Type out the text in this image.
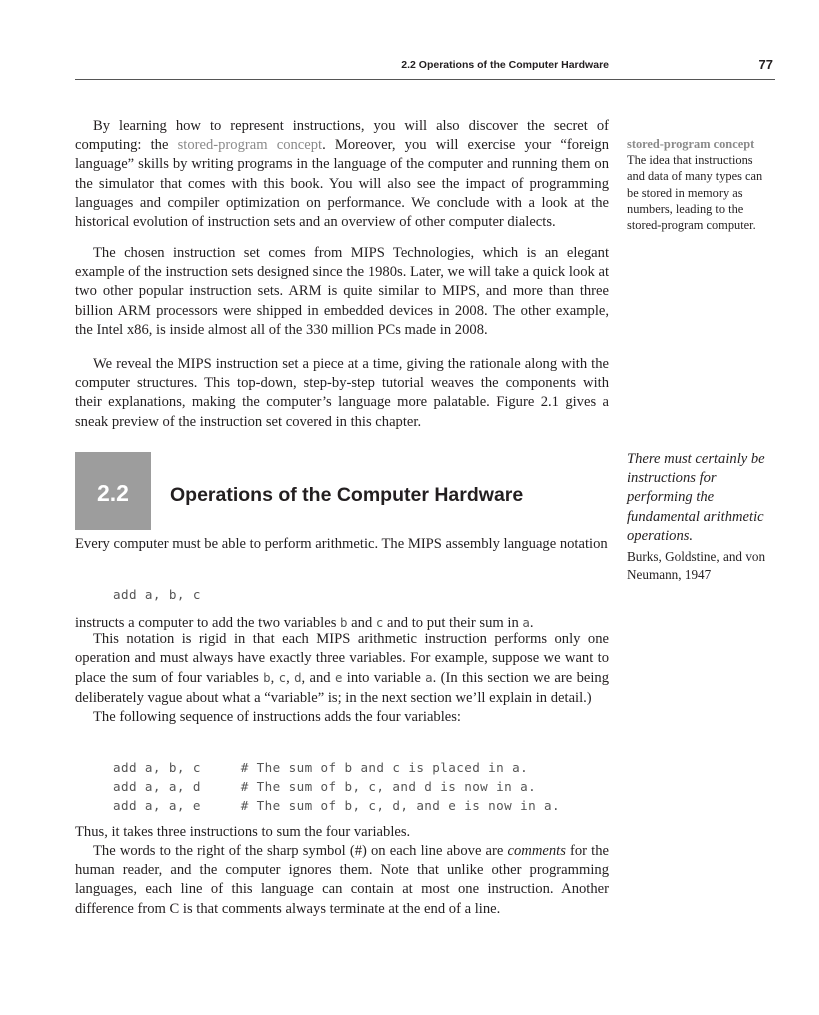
2.2 Operations of the Computer Hardware	77

By learning how to represent instructions, you will also discover the secret of computing: the stored-program concept. Moreover, you will exercise your “foreign language” skills by writing programs in the language of the computer and running them on the simulator that comes with this book. You will also see the impact of programming languages and compiler optimization on performance. We conclude with a look at the historical evolution of instruction sets and an overview of other computer dialects.

The chosen instruction set comes from MIPS Technologies, which is an elegant example of the instruction sets designed since the 1980s. Later, we will take a quick look at two other popular instruction sets. ARM is quite similar to MIPS, and more than three billion ARM processors were shipped in embedded devices in 2008. The other example, the Intel x86, is inside almost all of the 330 million PCs made in 2008.

We reveal the MIPS instruction set a piece at a time, giving the rationale along with the computer structures. This top-down, step-by-step tutorial weaves the components with their explanations, making the computer’s language more palatable. Figure 2.1 gives a sneak preview of the instruction set covered in this chapter.

2.2	Operations of the Computer Hardware

Every computer must be able to perform arithmetic. The MIPS assembly language notation

add a, b, c

instructs a computer to add the two variables b and c and to put their sum in a.

This notation is rigid in that each MIPS arithmetic instruction performs only one operation and must always have exactly three variables. For example, suppose we want to place the sum of four variables b, c, d, and e into variable a. (In this section we are being deliberately vague about what a “variable” is; in the next section we’ll explain in detail.)

The following sequence of instructions adds the four variables:

add a, b, c     # The sum of b and c is placed in a.
add a, a, d     # The sum of b, c, and d is now in a.
add a, a, e     # The sum of b, c, d, and e is now in a.

Thus, it takes three instructions to sum the four variables.

The words to the right of the sharp symbol (#) on each line above are comments for the human reader, and the computer ignores them. Note that unlike other programming languages, each line of this language can contain at most one instruction. Another difference from C is that comments always terminate at the end of a line.

stored-program concept The idea that instructions and data of many types can be stored in memory as numbers, leading to the stored-program computer.
There must certainly be instructions for performing the fundamental arithmetic operations.
Burks, Goldstine, and von Neumann, 1947
